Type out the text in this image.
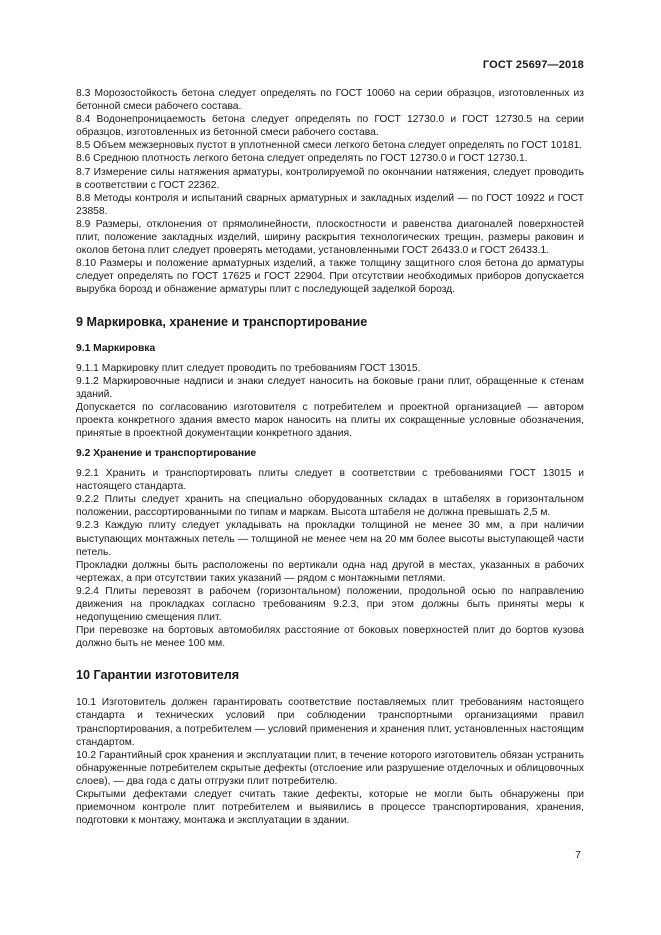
ГОСТ 25697—2018

8.3 Морозостойкость бетона следует определять по ГОСТ 10060 на серии образцов, изготовленных из бетонной смеси рабочего состава.

8.4 Водонепроницаемость бетона следует определять по ГОСТ 12730.0 и ГОСТ 12730.5 на серии образцов, изготовленных из бетонной смеси рабочего состава.

8.5 Объем межзерновых пустот в уплотненной смеси легкого бетона следует определять по ГОСТ 10181.

8.6 Среднюю плотность легкого бетона следует определять по ГОСТ 12730.0 и ГОСТ 12730.1.

8.7 Измерение силы натяжения арматуры, контролируемой по окончании натяжения, следует проводить в соответствии с ГОСТ 22362.

8.8 Методы контроля и испытаний сварных арматурных и закладных изделий — по ГОСТ 10922 и ГОСТ 23858.

8.9 Размеры, отклонения от прямолинейности, плоскостности и равенства диагоналей поверхностей плит, положение закладных изделий, ширину раскрытия технологических трещин, размеры раковин и околов бетона плит следует проверять методами, установленными ГОСТ 26433.0 и ГОСТ 26433.1.

8.10 Размеры и положение арматурных изделий, а также толщину защитного слоя бетона до арматуры следует определять по ГОСТ 17625 и ГОСТ 22904. При отсутствии необходимых приборов допускается вырубка борозд и обнажение арматуры плит с последующей заделкой борозд.

9 Маркировка, хранение и транспортирование
9.1 Маркировка

9.1.1 Маркировку плит следует проводить по требованиям ГОСТ 13015.

9.1.2 Маркировочные надписи и знаки следует наносить на боковые грани плит, обращенные к стенам зданий.

Допускается по согласованию изготовителя с потребителем и проектной организацией — автором проекта конкретного здания вместо марок наносить на плиты их сокращенные условные обозначения, принятые в проектной документации конкретного здания.

9.2 Хранение и транспортирование

9.2.1 Хранить и транспортировать плиты следует в соответствии с требованиями ГОСТ 13015 и настоящего стандарта.

9.2.2 Плиты следует хранить на специально оборудованных складах в штабелях в горизонтальном положении, рассортированными по типам и маркам. Высота штабеля не должна превышать 2,5 м.

9.2.3 Каждую плиту следует укладывать на прокладки толщиной не менее 30 мм, а при наличии выступающих монтажных петель — толщиной не менее чем на 20 мм более высоты выступающей части петель.

Прокладки должны быть расположены по вертикали одна над другой в местах, указанных в рабочих чертежах, а при отсутствии таких указаний — рядом с монтажными петлями.

9.2.4 Плиты перевозят в рабочем (горизонтальном) положении, продольной осью по направлению движения на прокладках согласно требованиям 9.2.3, при этом должны быть приняты меры к недопущению смещения плит.

При перевозке на бортовых автомобилях расстояние от боковых поверхностей плит до бортов кузова должно быть не менее 100 мм.

10 Гарантии изготовителя

10.1 Изготовитель должен гарантировать соответствие поставляемых плит требованиям настоящего стандарта и технических условий при соблюдении транспортными организациями правил транспортирования, а потребителем — условий применения и хранения плит, установленных настоящим стандартом.

10.2 Гарантийный срок хранения и эксплуатации плит, в течение которого изготовитель обязан устранить обнаруженные потребителем скрытые дефекты (отслоение или разрушение отделочных и облицовочных слоев), — два года с даты отгрузки плит потребителю.

Скрытыми дефектами следует считать такие дефекты, которые не могли быть обнаружены при приемочном контроле плит потребителем и выявились в процессе транспортирования, хранения, подготовки к монтажу, монтажа и эксплуатации в здании.

7
